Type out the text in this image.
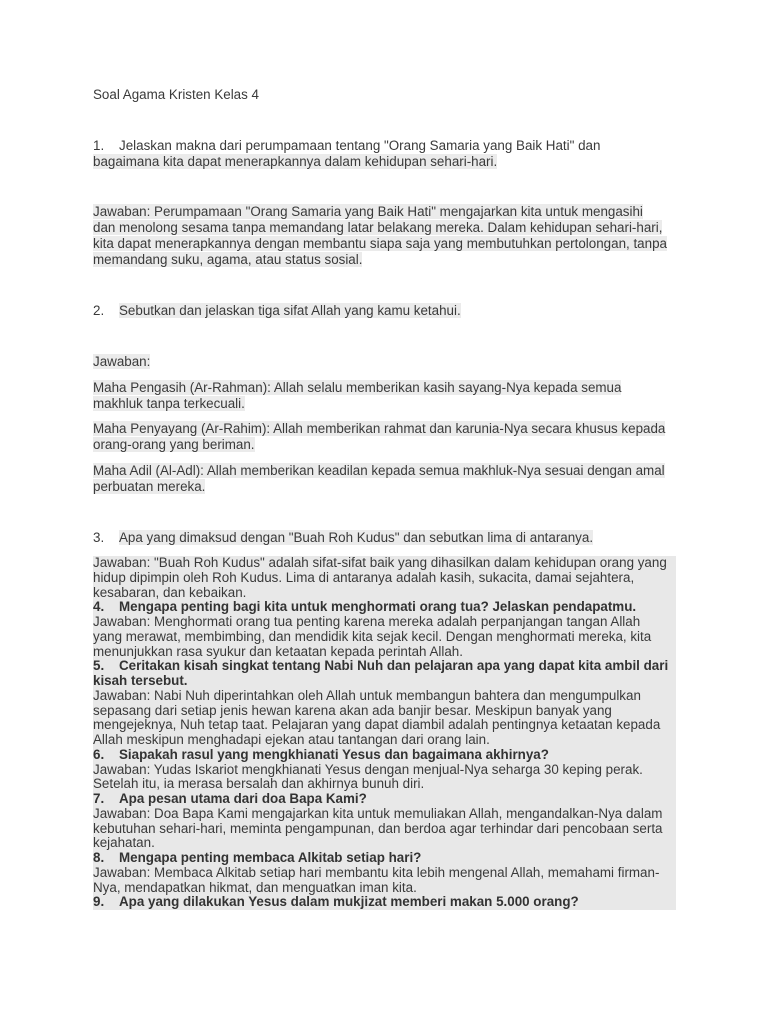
Soal Agama Kristen Kelas 4
1. Jelaskan makna dari perumpamaan tentang "Orang Samaria yang Baik Hati" dan
bagaimana kita dapat menerapkannya dalam kehidupan sehari-hari.
Jawaban: Perumpamaan "Orang Samaria yang Baik Hati" mengajarkan kita untuk mengasihi
dan menolong sesama tanpa memandang latar belakang mereka. Dalam kehidupan sehari-hari,
kita dapat menerapkannya dengan membantu siapa saja yang membutuhkan pertolongan, tanpa
memandang suku, agama, atau status sosial.
2. Sebutkan dan jelaskan tiga sifat Allah yang kamu ketahui.
Jawaban:
Maha Pengasih (Ar-Rahman): Allah selalu memberikan kasih sayang-Nya kepada semua
makhluk tanpa terkecuali.
Maha Penyayang (Ar-Rahim): Allah memberikan rahmat dan karunia-Nya secara khusus kepada
orang-orang yang beriman.
Maha Adil (Al-Adl): Allah memberikan keadilan kepada semua makhluk-Nya sesuai dengan amal
perbuatan mereka.
3. Apa yang dimaksud dengan "Buah Roh Kudus" dan sebutkan lima di antaranya.
Jawaban: "Buah Roh Kudus" adalah sifat-sifat baik yang dihasilkan dalam kehidupan orang yang
hidup dipimpin oleh Roh Kudus. Lima di antaranya adalah kasih, sukacita, damai sejahtera,
kesabaran, dan kebaikan.
4. Mengapa penting bagi kita untuk menghormati orang tua? Jelaskan pendapatmu.
Jawaban: Menghormati orang tua penting karena mereka adalah perpanjangan tangan Allah
yang merawat, membimbing, dan mendidik kita sejak kecil. Dengan menghormati mereka, kita
menunjukkan rasa syukur dan ketaatan kepada perintah Allah.
5. Ceritakan kisah singkat tentang Nabi Nuh dan pelajaran apa yang dapat kita ambil dari
kisah tersebut.
Jawaban: Nabi Nuh diperintahkan oleh Allah untuk membangun bahtera dan mengumpulkan
sepasang dari setiap jenis hewan karena akan ada banjir besar. Meskipun banyak yang
mengejeknya, Nuh tetap taat. Pelajaran yang dapat diambil adalah pentingnya ketaatan kepada
Allah meskipun menghadapi ejekan atau tantangan dari orang lain.
6. Siapakah rasul yang mengkhianati Yesus dan bagaimana akhirnya?
Jawaban: Yudas Iskariot mengkhianati Yesus dengan menjual-Nya seharga 30 keping perak.
Setelah itu, ia merasa bersalah dan akhirnya bunuh diri.
7. Apa pesan utama dari doa Bapa Kami?
Jawaban: Doa Bapa Kami mengajarkan kita untuk memuliakan Allah, mengandalkan-Nya dalam
kebutuhan sehari-hari, meminta pengampunan, dan berdoa agar terhindar dari pencobaan serta
kejahatan.
8. Mengapa penting membaca Alkitab setiap hari?
Jawaban: Membaca Alkitab setiap hari membantu kita lebih mengenal Allah, memahami firman-
Nya, mendapatkan hikmat, dan menguatkan iman kita.
9. Apa yang dilakukan Yesus dalam mukjizat memberi makan 5.000 orang?
